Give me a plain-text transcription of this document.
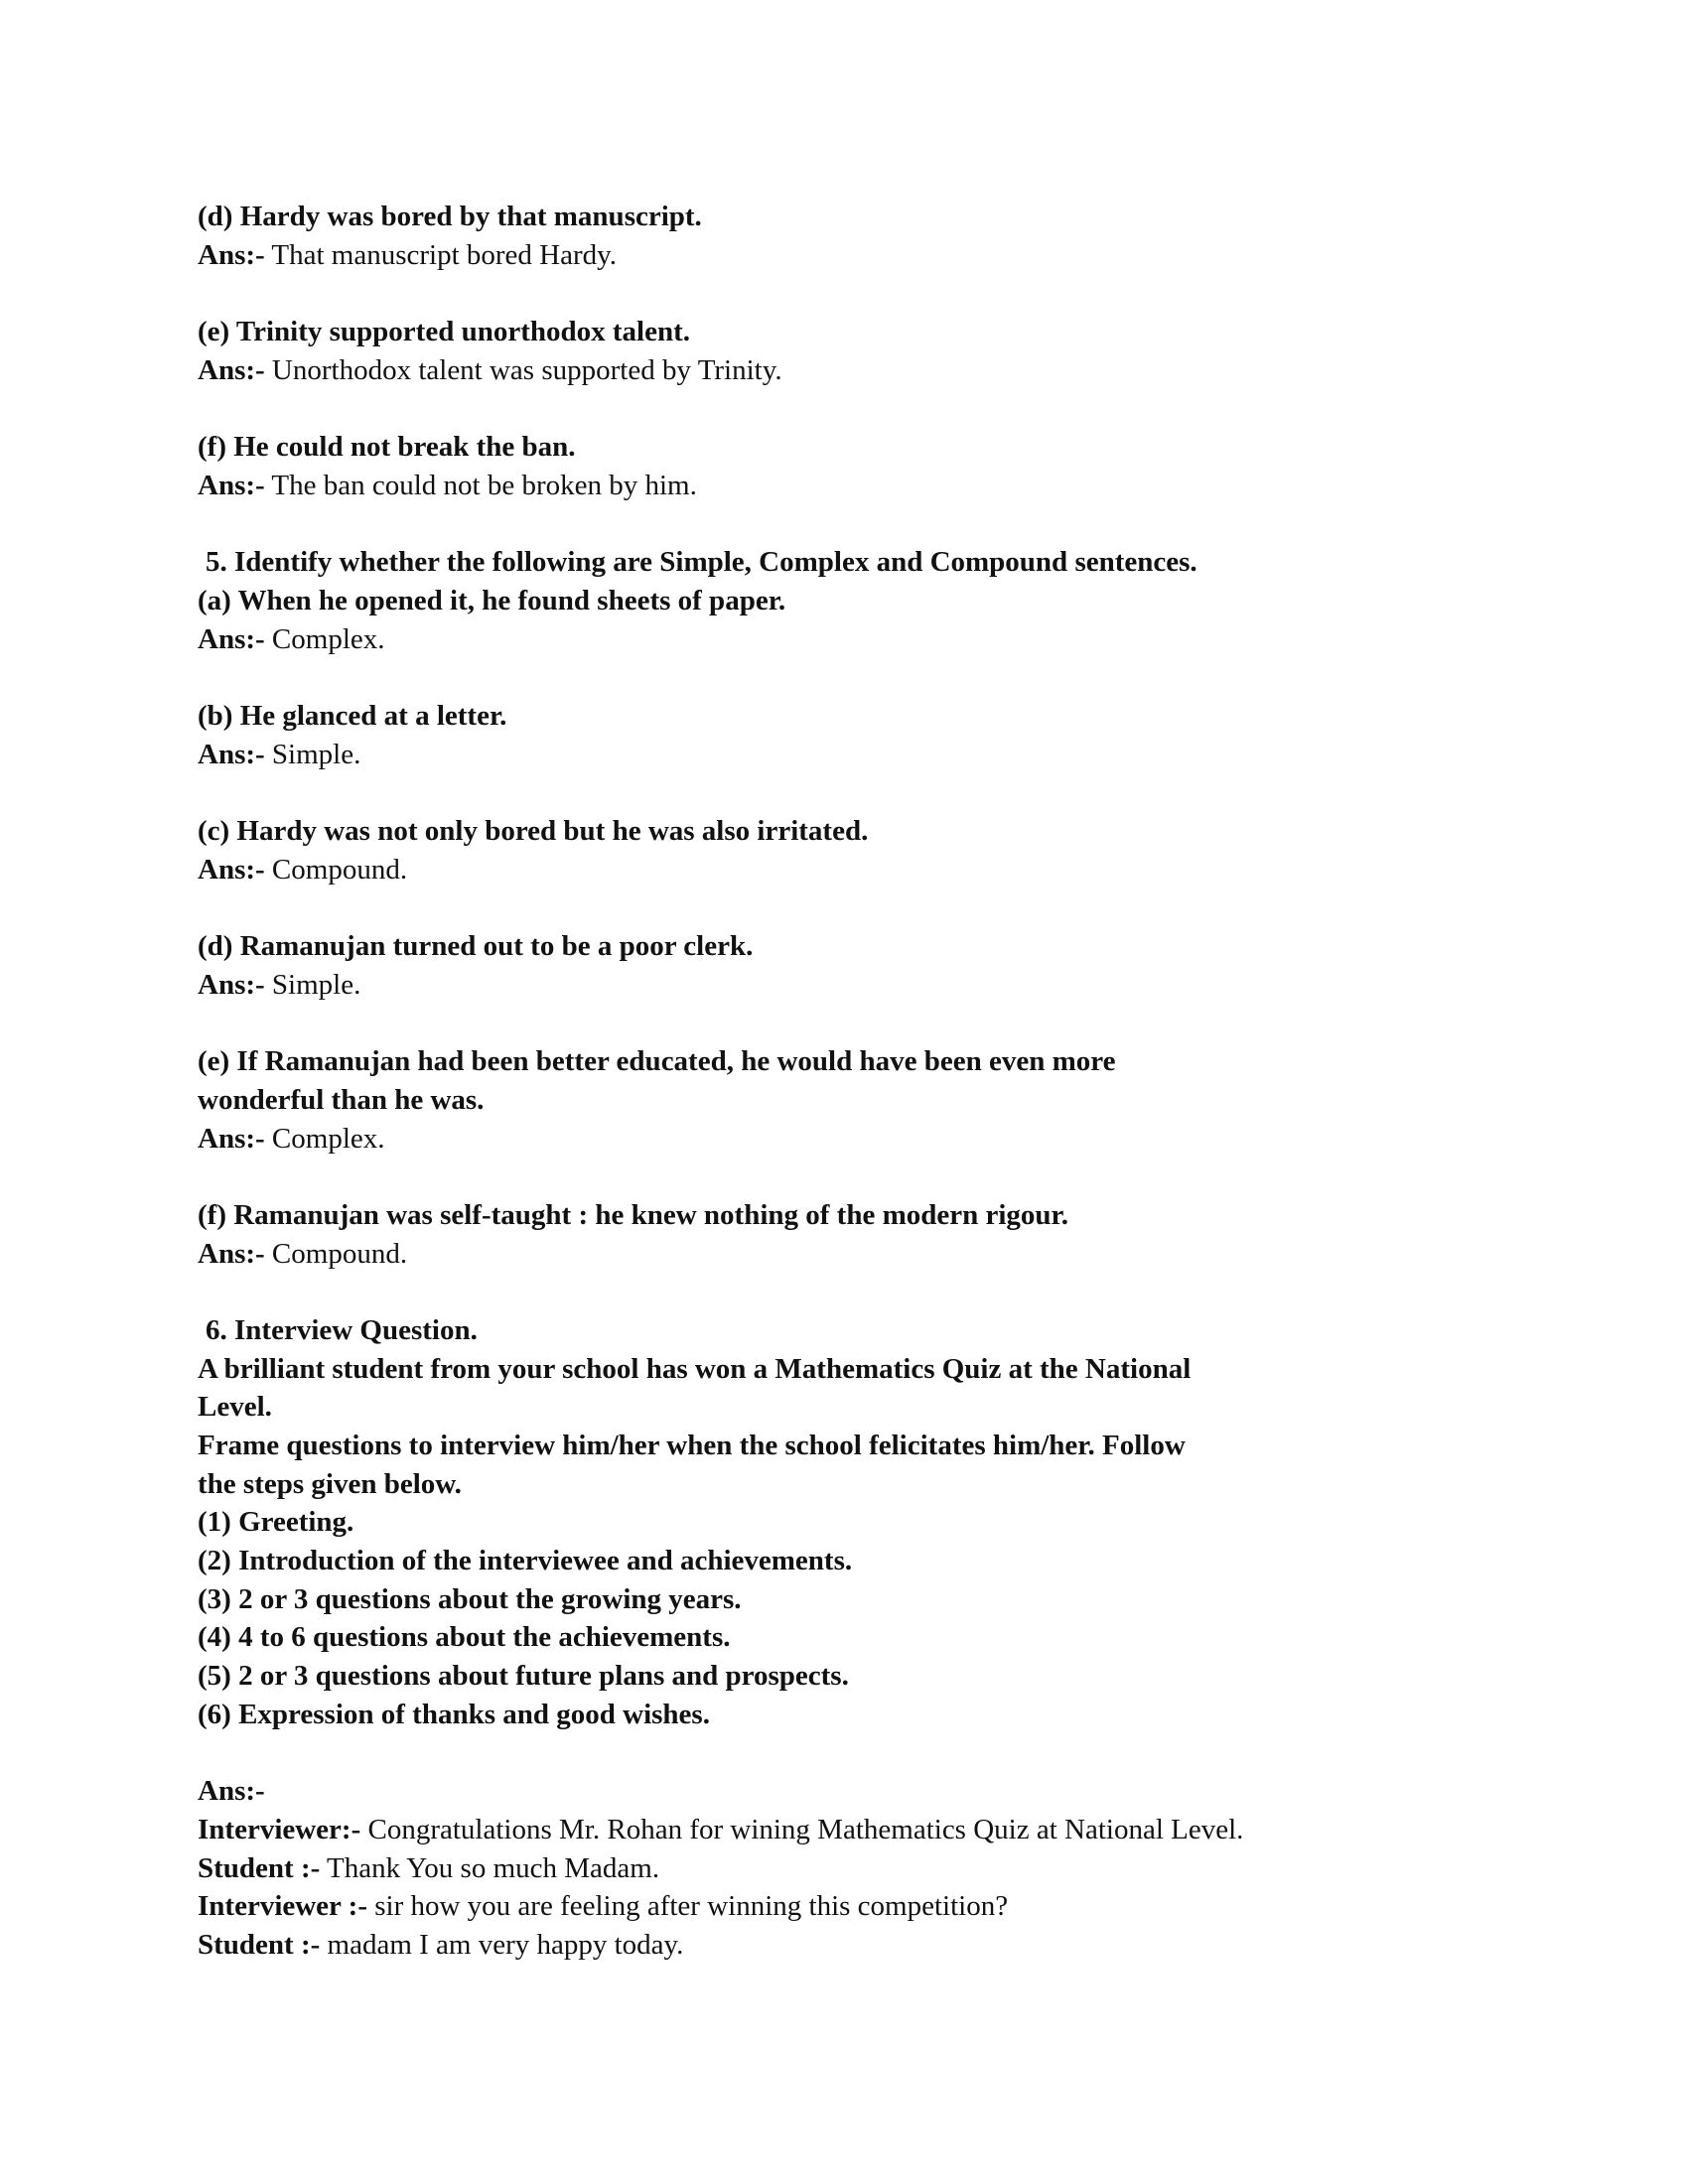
(d) Hardy was bored by that manuscript.
Ans:- That manuscript bored Hardy.
(e) Trinity supported unorthodox talent.
Ans:- Unorthodox talent was supported by Trinity.
(f) He could not break the ban.
Ans:- The ban could not be broken by him.
5. Identify whether the following are Simple, Complex and Compound sentences.
(a) When he opened it, he found sheets of paper.
Ans:- Complex.
(b) He glanced at a letter.
Ans:- Simple.
(c) Hardy was not only bored but he was also irritated.
Ans:- Compound.
(d) Ramanujan turned out to be a poor clerk.
Ans:- Simple.
(e) If Ramanujan had been better educated, he would have been even more
wonderful than he was.
Ans:- Complex.
(f) Ramanujan was self-taught : he knew nothing of the modern rigour.
Ans:- Compound.
6. Interview Question.
A brilliant student from your school has won a Mathematics Quiz at the National
Level.
Frame questions to interview him/her when the school felicitates him/her. Follow
the steps given below.
(1) Greeting.
(2) Introduction of the interviewee and achievements.
(3) 2 or 3 questions about the growing years.
(4) 4 to 6 questions about the achievements.
(5) 2 or 3 questions about future plans and prospects.
(6) Expression of thanks and good wishes.
Ans:-
Interviewer:- Congratulations Mr. Rohan for wining Mathematics Quiz at National Level.
Student :- Thank You so much Madam.
Interviewer :- sir how you are feeling after winning this competition?
Student :- madam I am very happy today.
